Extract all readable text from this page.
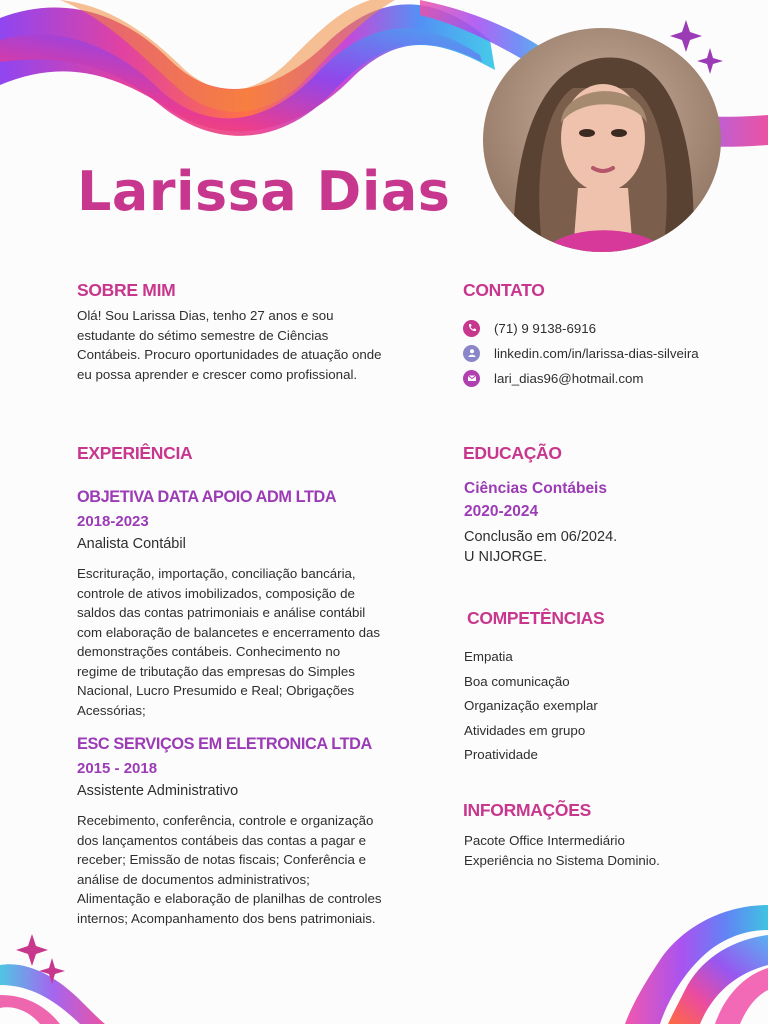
Larissa Dias
SOBRE MIM
Olá! Sou Larissa Dias, tenho 27 anos e sou
estudante do sétimo semestre de Ciências
Contábeis. Procuro oportunidades de atuação onde
eu possa aprender e crescer como profissional.
CONTATO
(71) 9 9138-6916
linkedin.com/in/larissa-dias-silveira
lari_dias96@hotmail.com
EXPERIÊNCIA
OBJETIVA DATA APOIO ADM LTDA
2018-2023
Analista Contábil
Escrituração, importação, conciliação bancária,
controle de ativos imobilizados, composição de
saldos das contas patrimoniais e análise contábil
com elaboração de balancetes e encerramento das
demonstrações contábeis. Conhecimento no
regime de tributação das empresas do Simples
Nacional, Lucro Presumido e Real; Obrigações
Acessórias;
ESC SERVIÇOS EM ELETRONICA LTDA
2015 - 2018
Assistente Administrativo
Recebimento, conferência, controle e organização
dos lançamentos contábeis das contas a pagar e
receber; Emissão de notas fiscais; Conferência e
análise de documentos administrativos;
Alimentação e elaboração de planilhas de controles
internos; Acompanhamento dos bens patrimoniais.
EDUCAÇÃO
Ciências Contábeis
2020-2024
Conclusão em 06/2024.
U NIJORGE.
COMPETÊNCIAS
Empatia
Boa comunicação
Organização exemplar
Atividades em grupo
Proatividade
INFORMAÇÕES
Pacote Office Intermediário
Experiência no Sistema Dominio.
